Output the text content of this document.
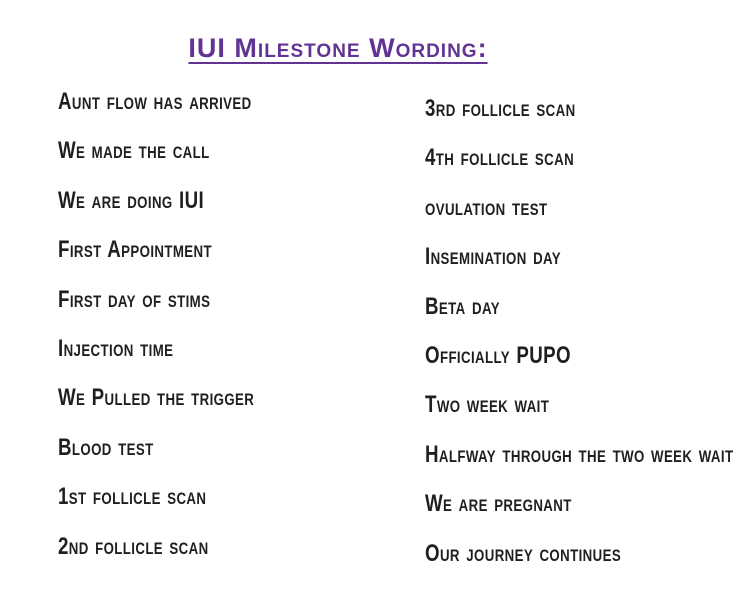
IUI Milestone Wording:
Aunt flow has arrived
We made the call
We are doing IUI
First Appointment
First day of stims
Injection time
We Pulled the trigger
Blood test
1st follicle scan
2nd follicle scan
3rd follicle scan
4th follicle scan
ovulation test
Insemination day
Beta day
Officially PUPO
Two week wait
Halfway through the two week wait
We are pregnant
Our journey continues
